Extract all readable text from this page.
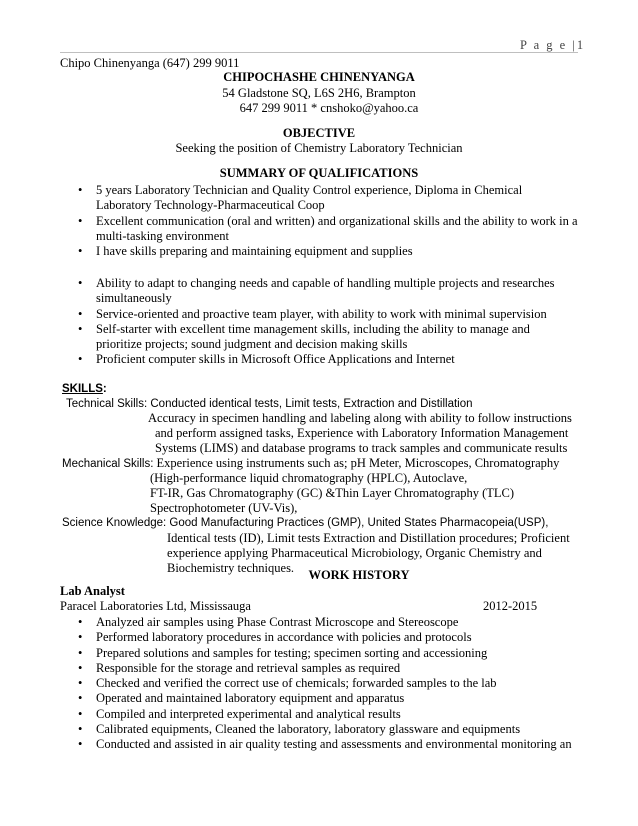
P a g e |1
Chipo Chinenyanga (647) 299 9011
CHIPOCHASHE CHINENYANGA
54 Gladstone SQ, L6S 2H6, Brampton
647 299 9011 * cnshoko@yahoo.ca
OBJECTIVE
Seeking the position of Chemistry Laboratory Technician
SUMMARY OF QUALIFICATIONS
• 5 years Laboratory Technician and Quality Control experience, Diploma in Chemical Laboratory Technology-Pharmaceutical Coop
• Excellent communication (oral and written) and organizational skills and the ability to work in a multi-tasking environment
• I have skills preparing and maintaining equipment and supplies
• Ability to adapt to changing needs and capable of handling multiple projects and researches simultaneously
• Service-oriented and proactive team player, with ability to work with minimal supervision
• Self-starter with excellent time management skills, including the ability to manage and prioritize projects; sound judgment and decision making skills
• Proficient computer skills in Microsoft Office Applications and Internet
SKILLS:
Technical Skills: Conducted identical tests, Limit tests, Extraction and Distillation
Accuracy in specimen handling and labeling along with ability to follow instructions
and perform assigned tasks, Experience with Laboratory Information Management
Systems (LIMS) and database programs to track samples and communicate results
Mechanical Skills: Experience using instruments such as; pH Meter, Microscopes, Chromatography
(High-performance liquid chromatography (HPLC), Autoclave,
FT-IR, Gas Chromatography (GC) &Thin Layer Chromatography (TLC)
Spectrophotometer (UV-Vis),
Science Knowledge: Good Manufacturing Practices (GMP), United States Pharmacopeia(USP),
Identical tests (ID), Limit tests Extraction and Distillation procedures; Proficient
experience applying Pharmaceutical Microbiology, Organic Chemistry and
Biochemistry techniques.	WORK HISTORY
Lab Analyst
Paracel Laboratories Ltd, Mississauga	2012-2015
• Analyzed air samples using Phase Contrast Microscope and Stereoscope
• Performed laboratory procedures in accordance with policies and protocols
• Prepared solutions and samples for testing; specimen sorting and accessioning
• Responsible for the storage and retrieval samples as required
• Checked and verified the correct use of chemicals; forwarded samples to the lab
• Operated and maintained laboratory equipment and apparatus
• Compiled and interpreted experimental and analytical results
• Calibrated equipments, Cleaned the laboratory, laboratory glassware and equipments
• Conducted and assisted in air quality testing and assessments and environmental monitoring an
